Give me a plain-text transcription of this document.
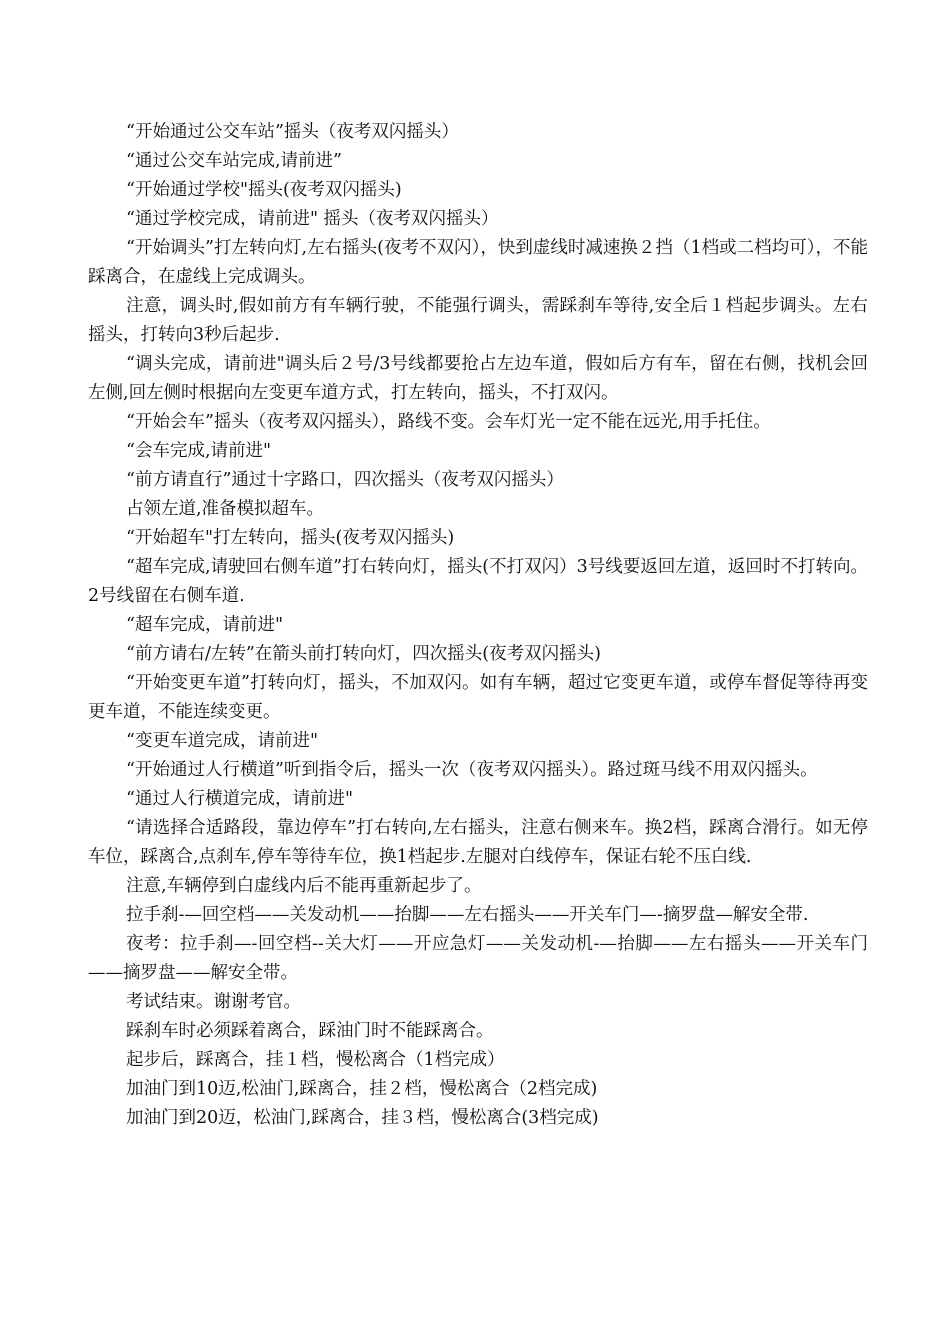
“开始通过公交车站”摇头（夜考双闪摇头）

“通过公交车站完成,请前进”

“开始通过学校"摇头(夜考双闪摇头)

“通过学校完成，请前进" 摇头（夜考双闪摇头）

“开始调头”打左转向灯,左右摇头(夜考不双闪），快到虚线时减速换２挡（1档或二档均可），不能踩离合，在虚线上完成调头。

注意，调头时,假如前方有车辆行驶，不能强行调头，需踩刹车等待,安全后１档起步调头。左右摇头，打转向3秒后起步.

“调头完成，请前进"调头后２号/3号线都要抢占左边车道，假如后方有车，留在右侧，找机会回左侧,回左侧时根据向左变更车道方式，打左转向，摇头，不打双闪。

“开始会车”摇头（夜考双闪摇头），路线不变。会车灯光一定不能在远光,用手托住。

“会车完成,请前进"

“前方请直行”通过十字路口，四次摇头（夜考双闪摇头）

占领左道,准备模拟超车。

“开始超车"打左转向，摇头(夜考双闪摇头)

“超车完成,请驶回右侧车道”打右转向灯，摇头(不打双闪）3号线要返回左道，返回时不打转向。2号线留在右侧车道.

“超车完成，请前进"

“前方请右/左转”在箭头前打转向灯，四次摇头(夜考双闪摇头)

“开始变更车道”打转向灯，摇头，不加双闪。如有车辆，超过它变更车道，或停车督促等待再变更车道，不能连续变更。

“变更车道完成，请前进"

“开始通过人行横道”听到指令后，摇头一次（夜考双闪摇头）。路过斑马线不用双闪摇头。

“通过人行横道完成，请前进"

“请选择合适路段，靠边停车”打右转向,左右摇头，注意右侧来车。换2档，踩离合滑行。如无停车位，踩离合,点刹车,停车等待车位，换1档起步.左腿对白线停车，保证右轮不压白线.

注意,车辆停到白虚线内后不能再重新起步了。

拉手刹-—回空档——关发动机——抬脚——左右摇头——开关车门—-摘罗盘—解安全带.

夜考：拉手刹—-回空档--关大灯——开应急灯——关发动机-—抬脚——左右摇头——开关车门——摘罗盘——解安全带。

考试结束。谢谢考官。

踩刹车时必须踩着离合，踩油门时不能踩离合。

起步后，踩离合，挂１档，慢松离合（1档完成）

加油门到10迈,松油门,踩离合，挂２档，慢松离合（2档完成)

加油门到20迈，松油门,踩离合，挂３档，慢松离合(3档完成)
